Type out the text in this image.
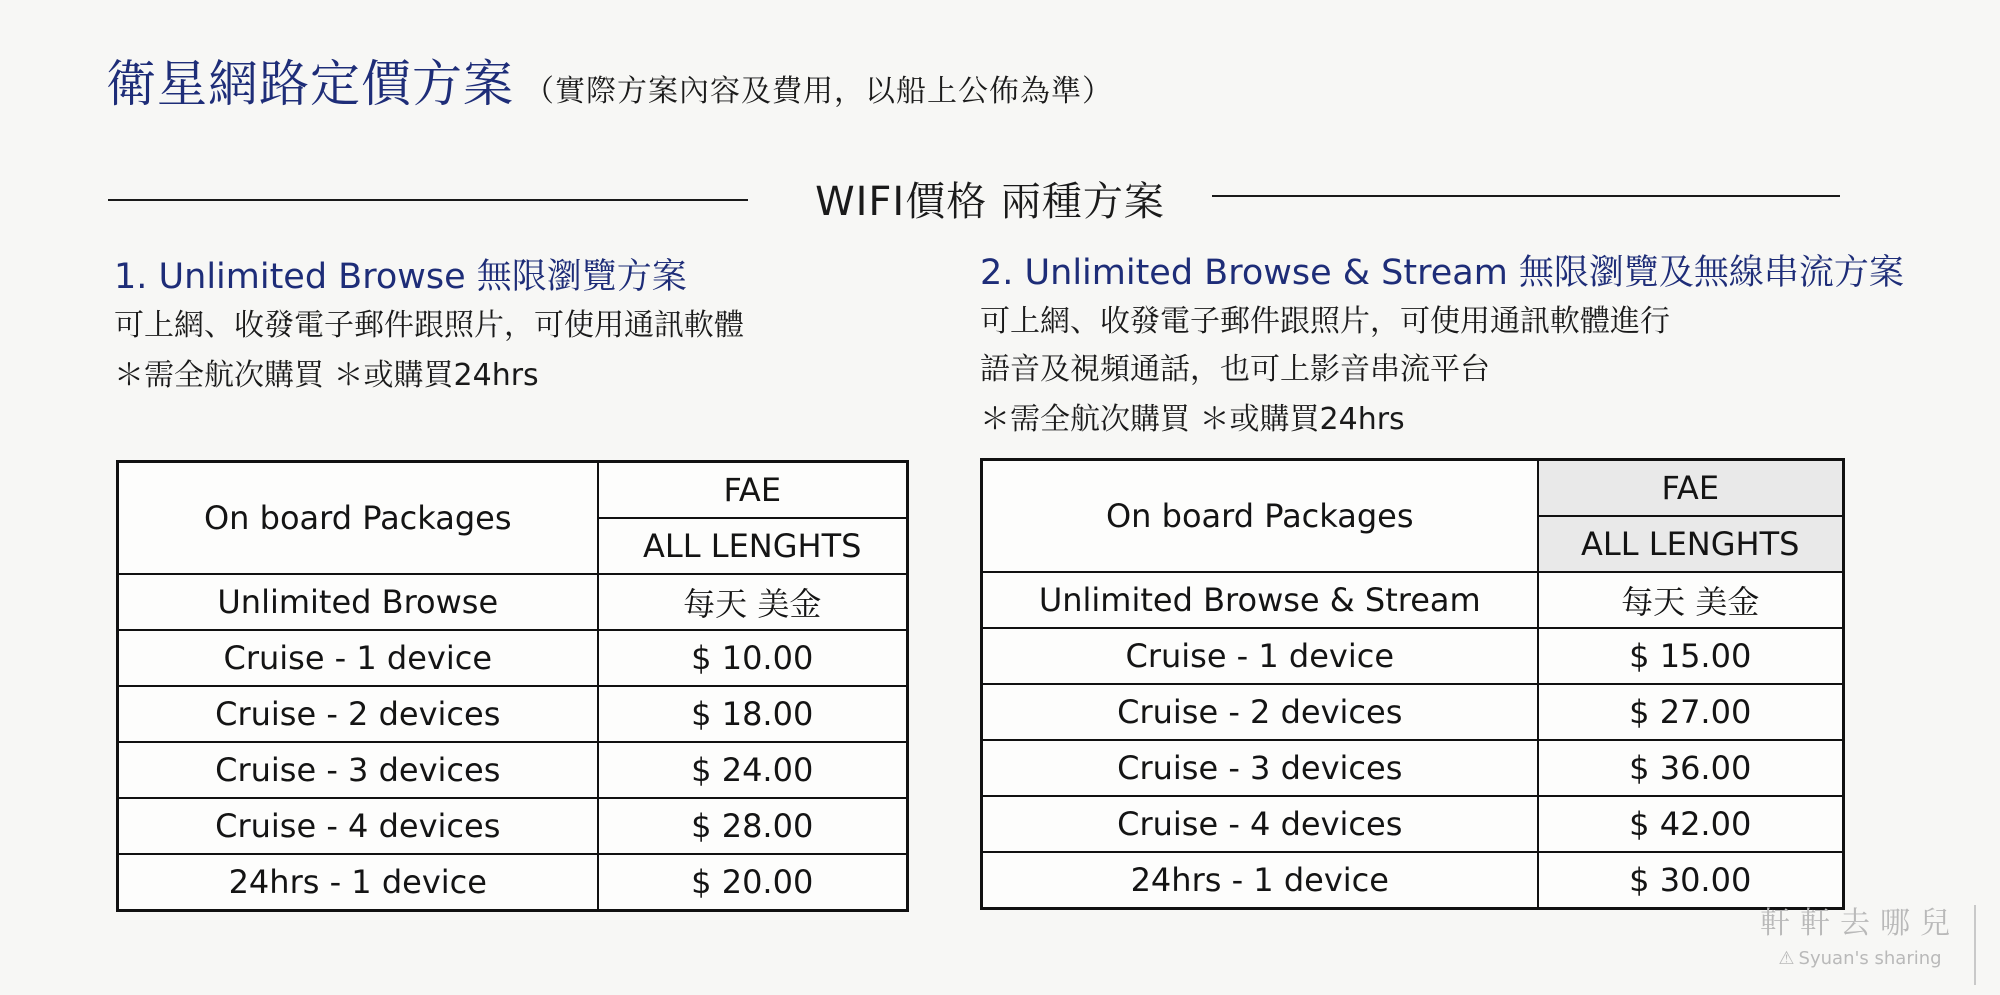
衛星網路定價方案 （實際方案內容及費用，以船上公佈為準）
WIFI價格 兩種方案
1. Unlimited Browse 無限瀏覽方案

可上網、收發電子郵件跟照片，可使用通訊軟體

＊需全航次購買 ＊或購買24hrs

2. Unlimited Browse & Stream 無限瀏覽及無線串流方案

可上網、收發電子郵件跟照片，可使用通訊軟體進行
語音及視頻通話，也可上影音串流平台

＊需全航次購買 ＊或購買24hrs

On board Packages	FAE
	ALL LENGHTS
Unlimited Browse	每天 美金
Cruise - 1 device	$ 10.00
Cruise - 2 devices	$ 18.00
Cruise - 3 devices	$ 24.00
Cruise - 4 devices	$ 28.00
24hrs - 1 device	$ 20.00
On board Packages	FAE
	ALL LENGHTS
Unlimited Browse & Stream	每天 美金
Cruise - 1 device	$ 15.00
Cruise - 2 devices	$ 27.00
Cruise - 3 devices	$ 36.00
Cruise - 4 devices	$ 42.00
24hrs - 1 device	$ 30.00
軒軒去哪兒
⚠ Syuan's sharing
